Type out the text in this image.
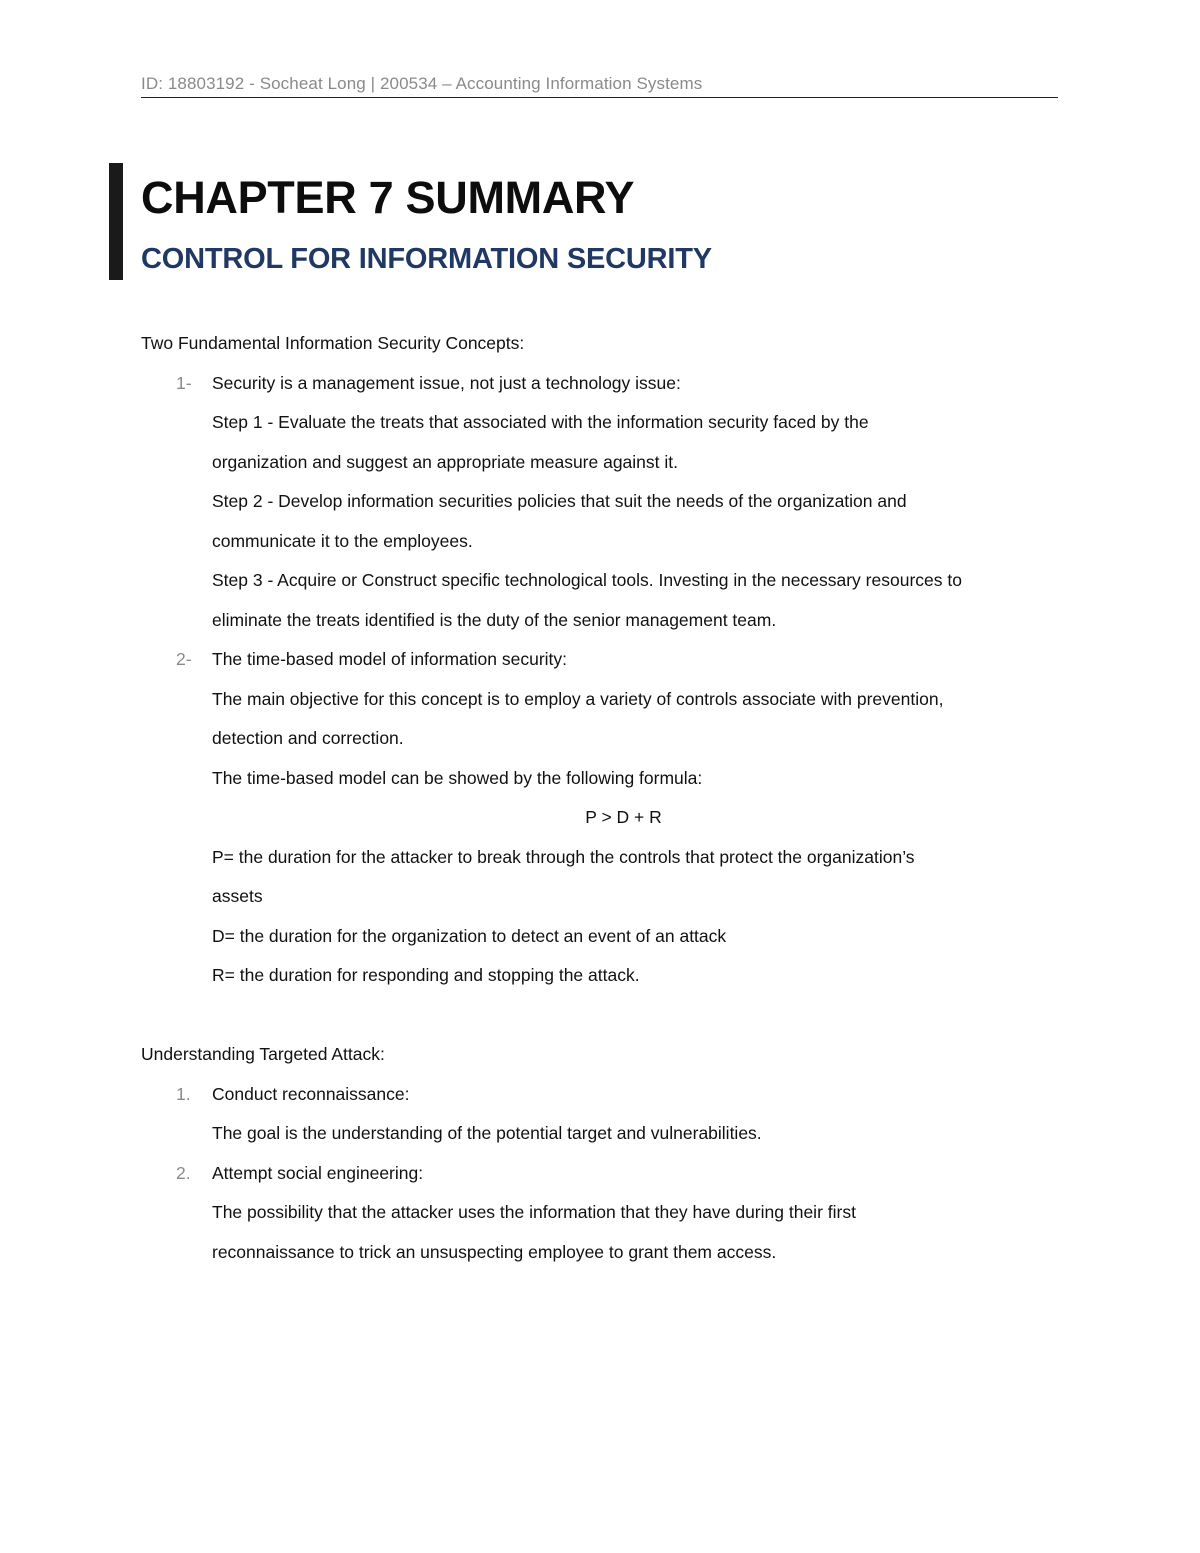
ID: 18803192 - Socheat Long | 200534 – Accounting Information Systems
CHAPTER 7 SUMMARY
CONTROL FOR INFORMATION SECURITY

Two Fundamental Information Security Concepts:

1- Security is a management issue, not just a technology issue:
Step 1 - Evaluate the treats that associated with the information security faced by the
organization and suggest an appropriate measure against it.
Step 2 - Develop information securities policies that suit the needs of the organization and
communicate it to the employees.
Step 3 - Acquire or Construct specific technological tools. Investing in the necessary resources to
eliminate the treats identified is the duty of the senior management team.
2- The time-based model of information security:
The main objective for this concept is to employ a variety of controls associate with prevention,
detection and correction.
The time-based model can be showed by the following formula:
P > D + R
P= the duration for the attacker to break through the controls that protect the organization’s
assets
D= the duration for the organization to detect an event of an attack
R= the duration for responding and stopping the attack.

Understanding Targeted Attack:

1. Conduct reconnaissance:
The goal is the understanding of the potential target and vulnerabilities.
2. Attempt social engineering:
The possibility that the attacker uses the information that they have during their first
reconnaissance to trick an unsuspecting employee to grant them access.
